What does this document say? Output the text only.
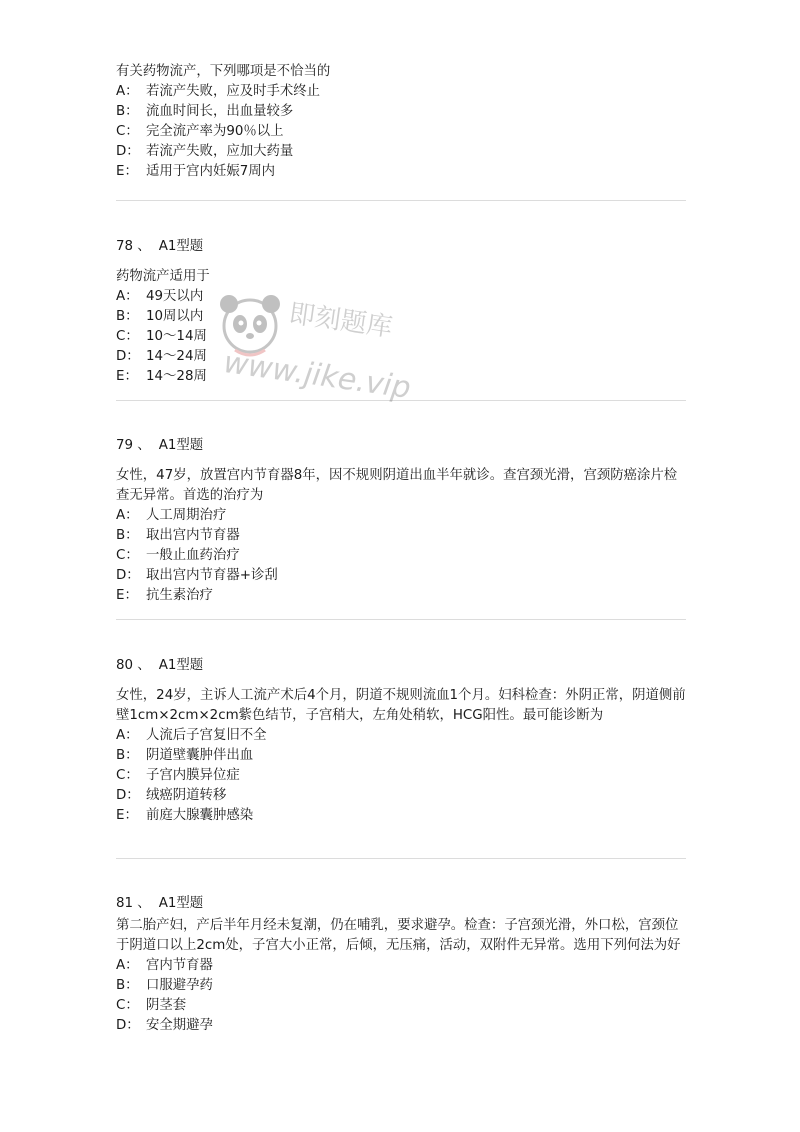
有关药物流产，下列哪项是不恰当的
A： 若流产失败，应及时手术终止
B： 流血时间长，出血量较多
C： 完全流产率为90％以上
D： 若流产失败，应加大药量
E： 适用于宫内妊娠7周内
78 、 A1型题
药物流产适用于
A： 49天以内
B： 10周以内
C： 10～14周
D： 14～24周
E： 14～28周
79 、 A1型题
女性，47岁，放置宫内节育器8年，因不规则阴道出血半年就诊。查宫颈光滑，宫颈防癌涂片检查无异常。首选的治疗为
A： 人工周期治疗
B： 取出宫内节育器
C： 一般止血药治疗
D： 取出宫内节育器+诊刮
E： 抗生素治疗
80 、 A1型题
女性，24岁，主诉人工流产术后4个月，阴道不规则流血1个月。妇科检查：外阴正常，阴道侧前壁1cm×2cm×2cm紫色结节，子宫稍大，左角处稍软，HCG阳性。最可能诊断为
A： 人流后子宫复旧不全
B： 阴道壁囊肿伴出血
C： 子宫内膜异位症
D： 绒癌阴道转移
E： 前庭大腺囊肿感染
81 、 A1型题
第二胎产妇，产后半年月经未复潮，仍在哺乳，要求避孕。检查：子宫颈光滑，外口松，宫颈位于阴道口以上2cm处，子宫大小正常，后倾，无压痛，活动，双附件无异常。选用下列何法为好
A： 宫内节育器
B： 口服避孕药
C： 阴茎套
D： 安全期避孕
即刻题库
www.jike.vip
